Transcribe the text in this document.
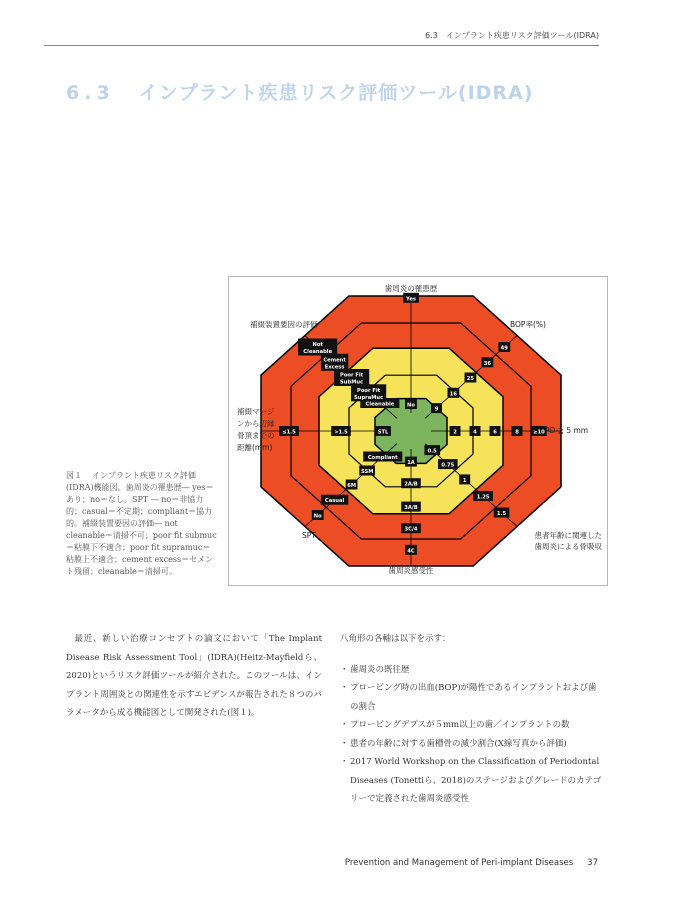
6.3　インプラント疾患リスク評価ツール(IDRA)
6.3 インプラント疾患リスク評価ツール(IDRA)
No
Yes
9
16
25
36
49
2	4	6	8	≥10
0.5
0.75
1
1.25
1.5
1A
2A/B
3A/B
3C/4
4C
Compliant
SSM
6M
Casual
No
STL
>1.5
≤1.5
Cleanable
Poor Fit
SupraMuc
Poor Fit
SubMuc
Cement
Excess
Not
Cleanable
歯周炎の罹患歴
BOP率(%)
PD ≧ 5 mm
患者年齢に関連した
歯周炎による骨吸収
歯周炎感受性
SPT
補綴マージ
ンから辺縁
骨頂までの
距離(mm)
補綴装置要因の評価
図１ インプラント疾患リスク評価(IDRA)機能図。歯周炎の罹患歴― yes＝あり；no＝なし。SPT ― no＝非協力的；casual＝不定期；compliant＝協力的。補綴装置要因の評価― not cleanable＝清掃不可；poor fit submuc＝粘膜下不適合；poor fit supramuc＝粘膜上不適合；cement excess＝セメント残留；cleanable＝清掃可。

最近、新しい治療コンセプトの論文において「The Implant Disease Risk Assessment Tool」(IDRA)(Heitz-Mayfieldら、2020)というリスク評価ツールが紹介された。このツールは、インプラント周囲炎との関連性を示すエビデンスが報告された８つのパラメータから成る機能図として開発された(図１)。

八角形の各軸は以下を示す：

・ 歯周炎の既往歴
・ プロービング時の出血(BOP)が陽性であるインプラントおよび歯の割合
・ プロービングデプスが５mm以上の歯／インプラントの数
・ 患者の年齢に対する歯槽骨の減少割合(X線写真から評価)
・ 2017 World Workshop on the Classification of Periodontal Diseases (Tonettiら、2018)のステージおよびグレードのカテゴリーで定義された歯周炎感受性
Prevention and Management of Peri-implant Diseases 37
